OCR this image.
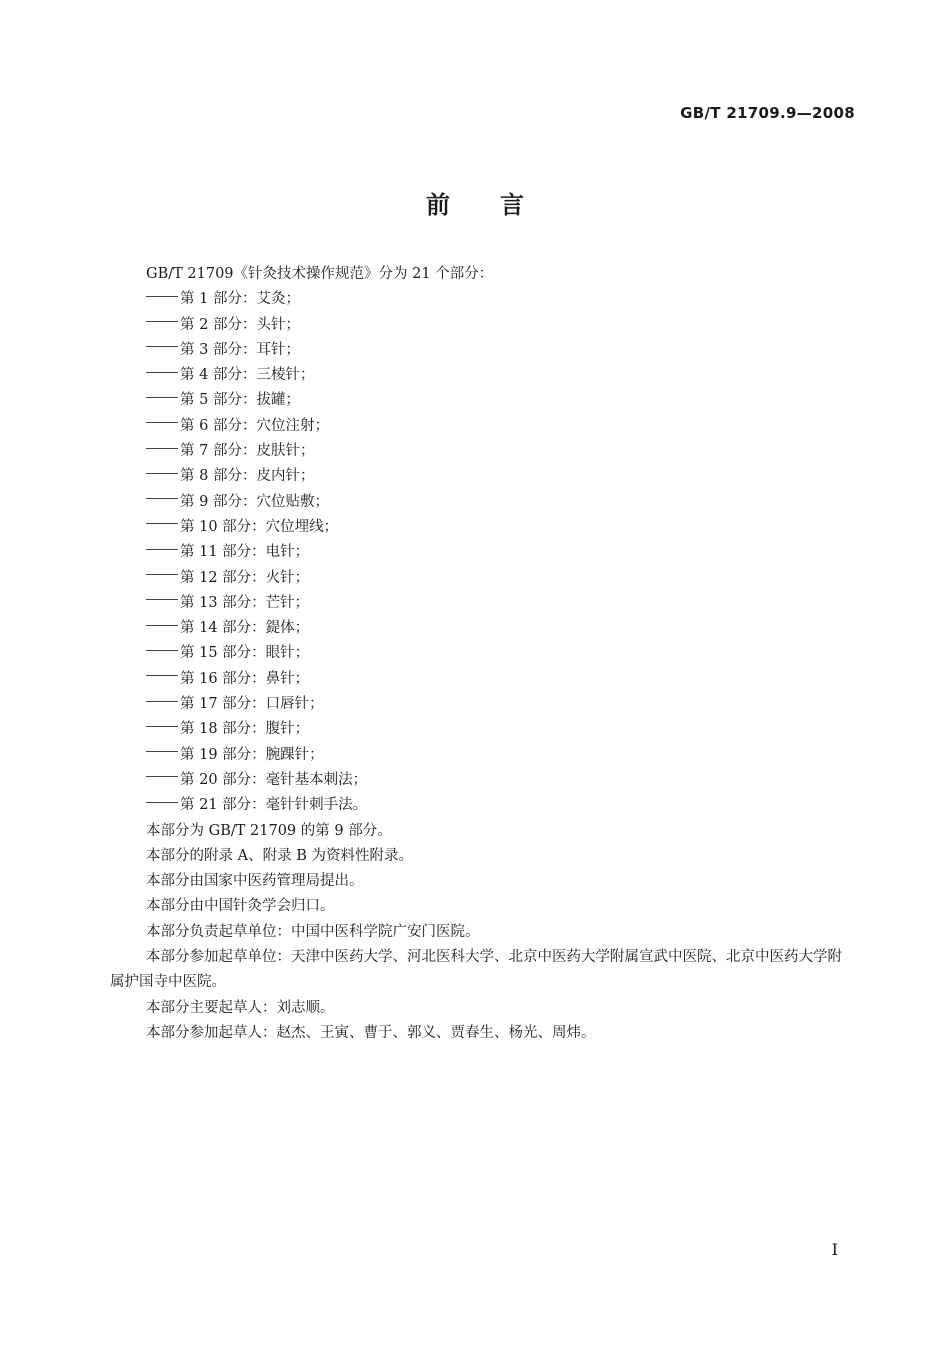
GB/T 21709.9—2008
前言

GB/T 21709《针灸技术操作规范》分为 21 个部分：

第 1 部分：艾灸；
第 2 部分：头针；
第 3 部分：耳针；
第 4 部分：三棱针；
第 5 部分：拔罐；
第 6 部分：穴位注射；
第 7 部分：皮肤针；
第 8 部分：皮内针；
第 9 部分：穴位贴敷；
第 10 部分：穴位埋线；
第 11 部分：电针；
第 12 部分：火针；
第 13 部分：芒针；
第 14 部分：鍉体；
第 15 部分：眼针；
第 16 部分：鼻针；
第 17 部分：口唇针；
第 18 部分：腹针；
第 19 部分：腕踝针；
第 20 部分：毫针基本刺法；
第 21 部分：毫针针刺手法。

本部分为 GB/T 21709 的第 9 部分。

本部分的附录 A、附录 B 为资料性附录。

本部分由国家中医药管理局提出。

本部分由中国针灸学会归口。

本部分负责起草单位：中国中医科学院广安门医院。

本部分参加起草单位：天津中医药大学、河北医科大学、北京中医药大学附属宣武中医院、北京中医药大学附属护国寺中医院。

本部分主要起草人：刘志顺。

本部分参加起草人：赵杰、王寅、曹于、郭义、贾春生、杨光、周炜。

I
